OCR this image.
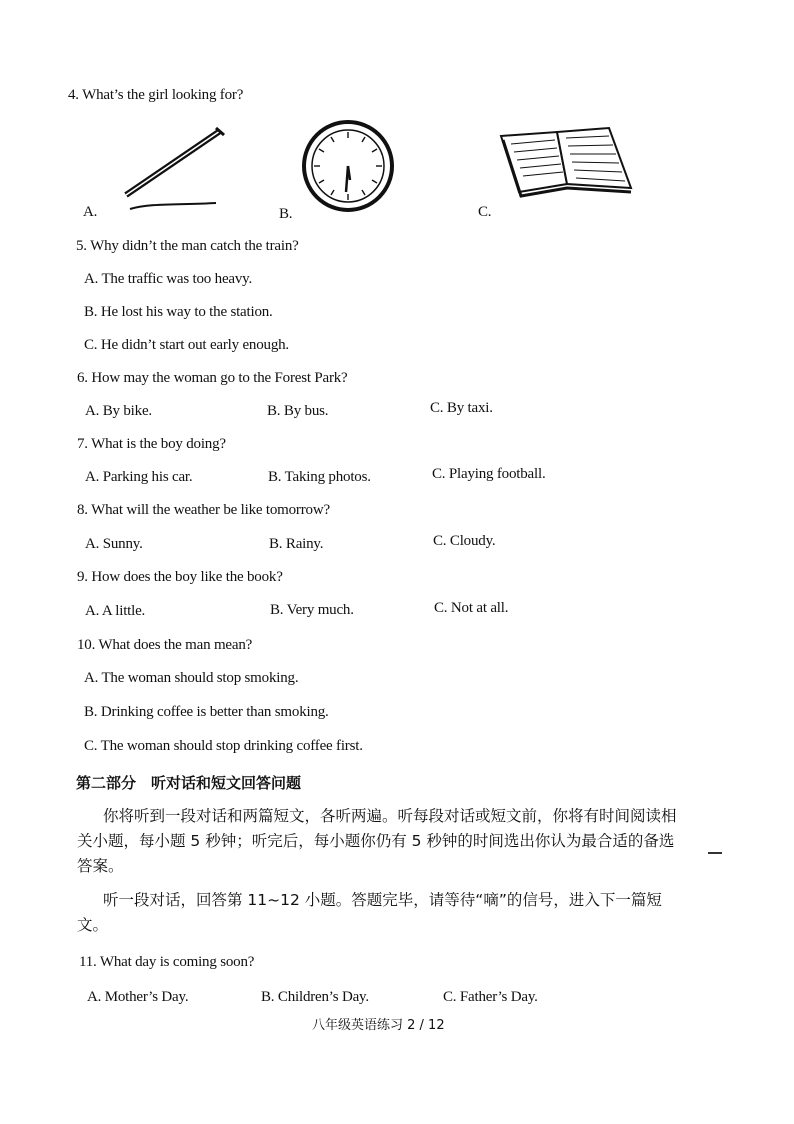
4. What’s the girl looking for?
A.	B.	C.
5. Why didn’t the man catch the train?
A. The traffic was too heavy.
B. He lost his way to the station.
C. He didn’t start out early enough.
6. How may the woman go to the Forest Park?
A. By bike.	B. By bus.	C. By taxi.
7. What is the boy doing?
A. Parking his car.	B. Taking photos.	C. Playing football.
8. What will the weather be like tomorrow?
A. Sunny.	B. Rainy.	C. Cloudy.
9. How does the boy like the book?
A. A little.	B. Very much.	C. Not at all.
10. What does the man mean?
A. The woman should stop smoking.
B. Drinking coffee is better than smoking.
C. The woman should stop drinking coffee first.
第二部分　听对话和短文回答问题
你将听到一段对话和两篇短文，各听两遍。听每段对话或短文前，你将有时间阅读相关小题，每小题 5 秒钟；听完后，每小题你仍有 5 秒钟的时间选出你认为最合适的备选答案。
听一段对话，回答第 11~12 小题。答题完毕，请等待“嘀”的信号，进入下一篇短文。
11. What day is coming soon?
A. Mother’s Day.	B. Children’s Day.	C. Father’s Day.
八年级英语练习 2 / 12
